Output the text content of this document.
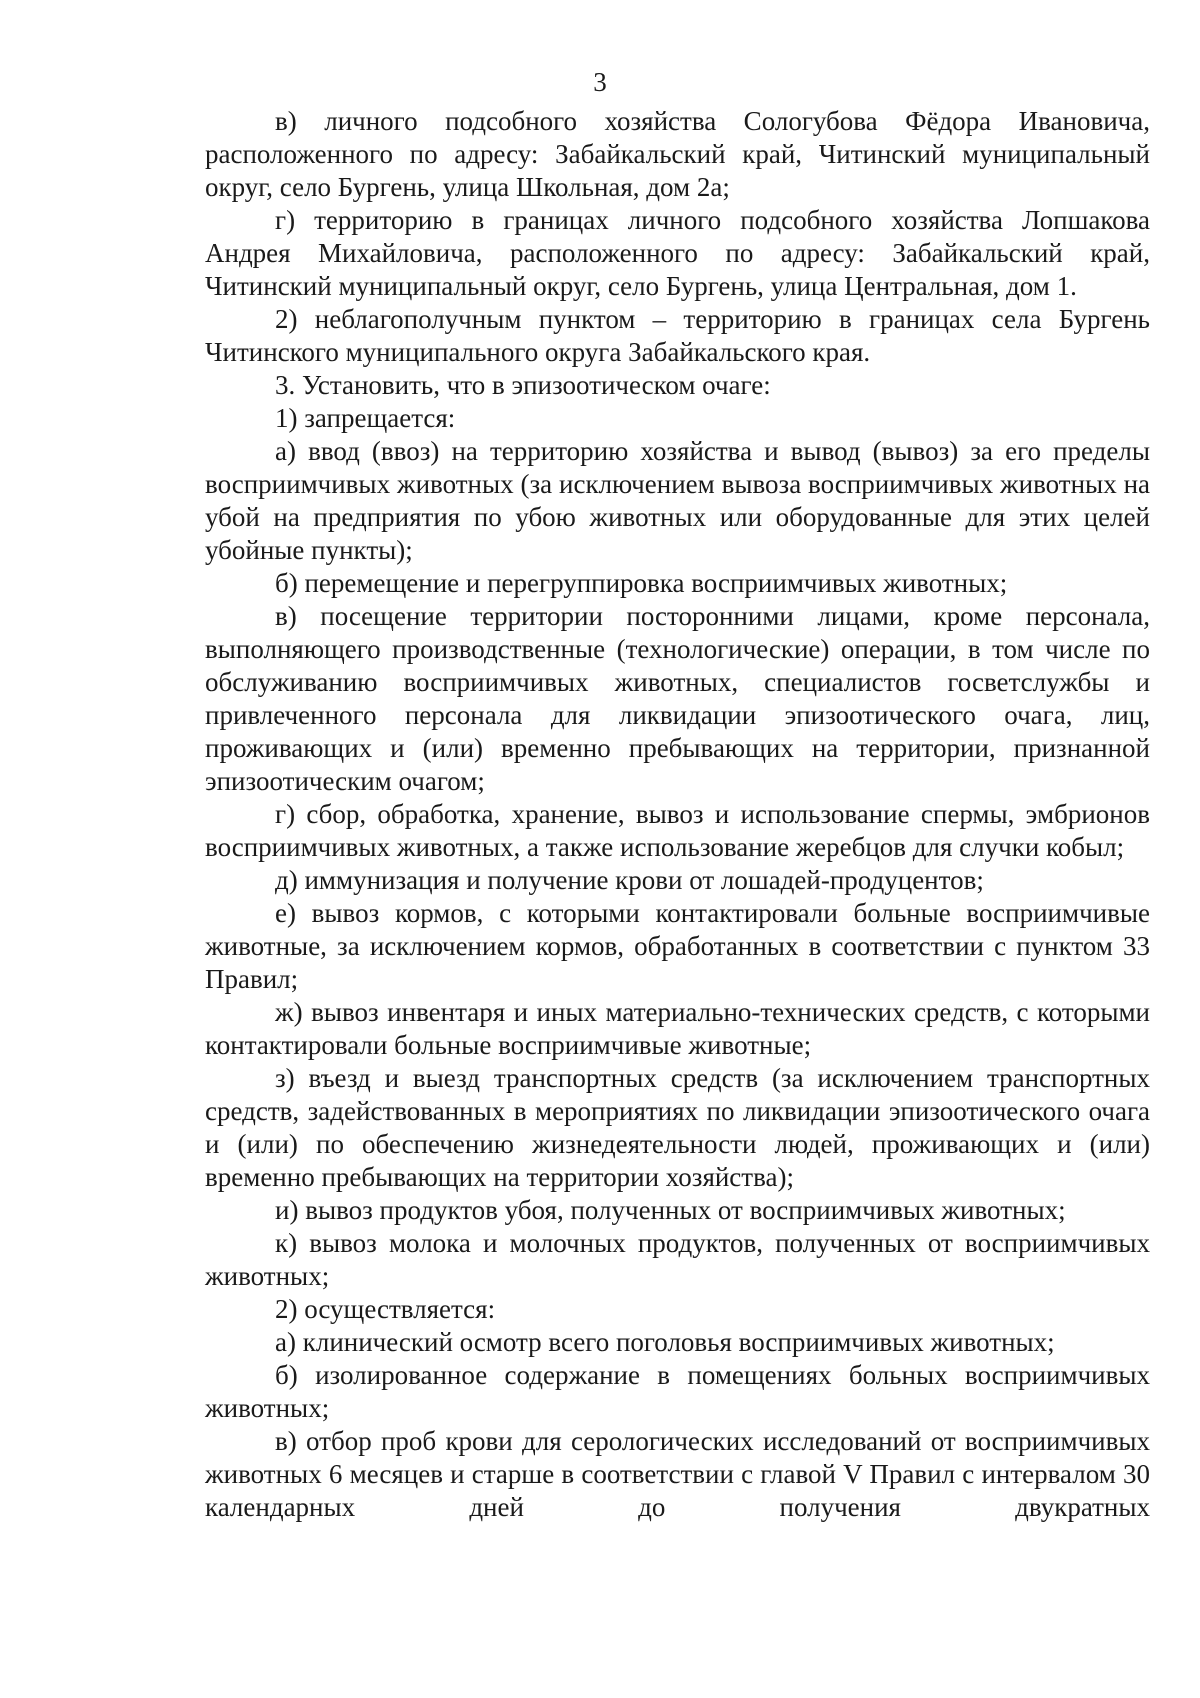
3

в) личного подсобного хозяйства Сологубова Фёдора Ивановича, расположенного по адресу: Забайкальский край, Читинский муниципальный округ, село Бургень, улица Школьная, дом 2а;

г) территорию в границах личного подсобного хозяйства Лопшакова Андрея Михайловича, расположенного по адресу: Забайкальский край, Читинский муниципальный округ, село Бургень, улица Центральная, дом 1.

2) неблагополучным пунктом – территорию в границах села Бургень Читинского муниципального округа Забайкальского края.

3. Установить, что в эпизоотическом очаге:

1) запрещается:

а) ввод (ввоз) на территорию хозяйства и вывод (вывоз) за его пределы восприимчивых животных (за исключением вывоза восприимчивых животных на убой на предприятия по убою животных или оборудованные для этих целей убойные пункты);

б) перемещение и перегруппировка восприимчивых животных;

в) посещение территории посторонними лицами, кроме персонала, выполняющего производственные (технологические) операции, в том числе по обслуживанию восприимчивых животных, специалистов госветслужбы и привлеченного персонала для ликвидации эпизоотического очага, лиц, проживающих и (или) временно пребывающих на территории, признанной эпизоотическим очагом;

г) сбор, обработка, хранение, вывоз и использование спермы, эмбрионов восприимчивых животных, а также использование жеребцов для случки кобыл;

д) иммунизация и получение крови от лошадей-продуцентов;

е) вывоз кормов, с которыми контактировали больные восприимчивые животные, за исключением кормов, обработанных в соответствии с пунктом 33 Правил;

ж) вывоз инвентаря и иных материально-технических средств, с которыми контактировали больные восприимчивые животные;

з) въезд и выезд транспортных средств (за исключением транспортных средств, задействованных в мероприятиях по ликвидации эпизоотического очага и (или) по обеспечению жизнедеятельности людей, проживающих и (или) временно пребывающих на территории хозяйства);

и) вывоз продуктов убоя, полученных от восприимчивых животных;

к) вывоз молока и молочных продуктов, полученных от восприимчивых животных;

2) осуществляется:

а) клинический осмотр всего поголовья восприимчивых животных;

б) изолированное содержание в помещениях больных восприимчивых животных;

в) отбор проб крови для серологических исследований от восприимчивых животных 6 месяцев и старше в соответствии с главой V Правил с интервалом 30 календарных дней до получения двукратных
